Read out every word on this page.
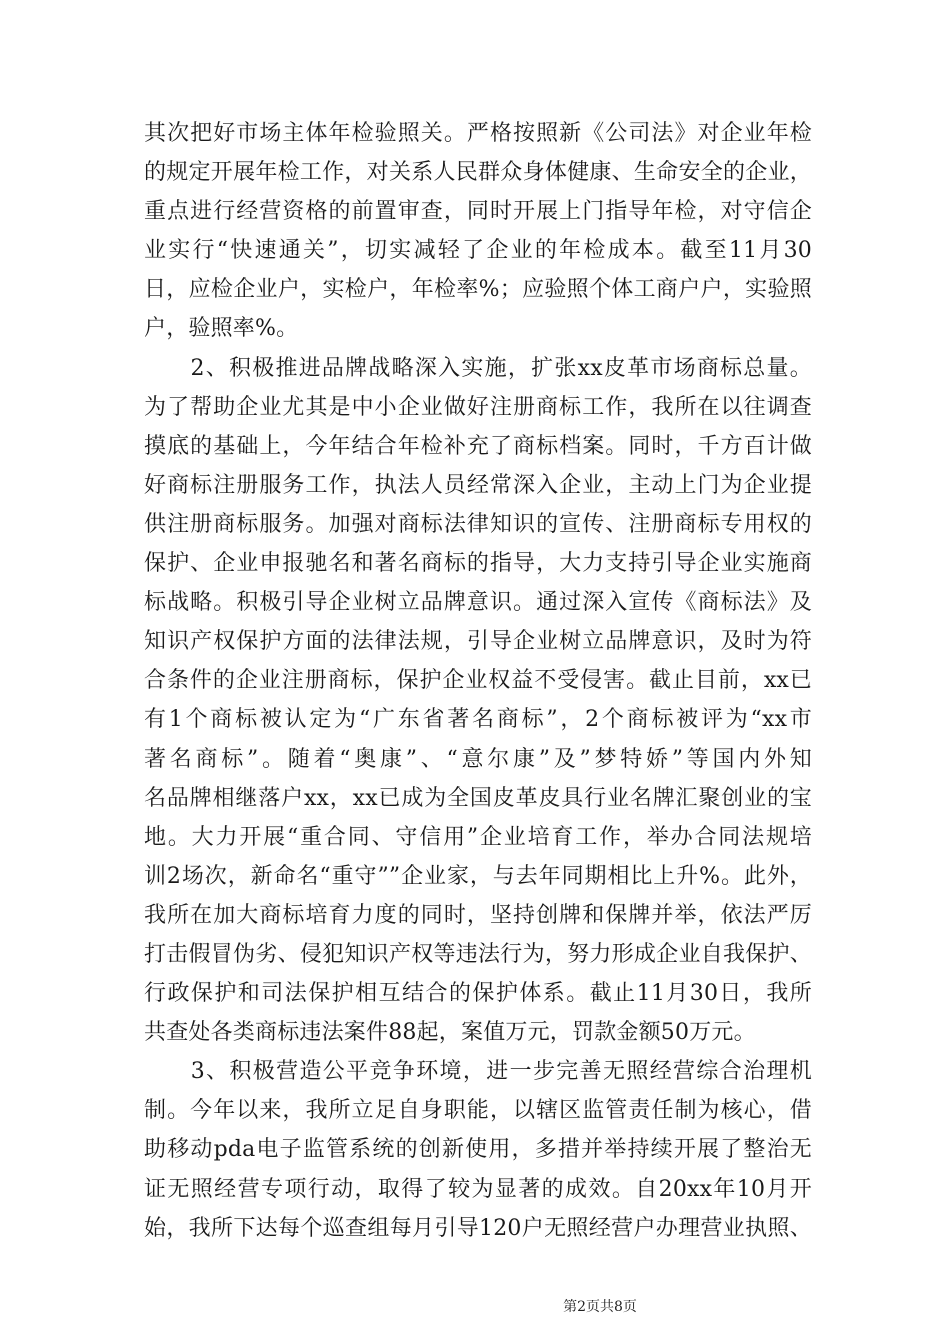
其次把好市场主体年检验照关。严格按照新《公司法》对企业年检
的规定开展年检工作，对关系人民群众身体健康、生命安全的企业，
重点进行经营资格的前置审查，同时开展上门指导年检，对守信企
业实行“快速通关”，切实减轻了企业的年检成本。截至11月30
日，应检企业户，实检户，年检率%；应验照个体工商户户，实验照
户，验照率%。
　　2、积极推进品牌战略深入实施，扩张xx皮革市场商标总量。
为了帮助企业尤其是中小企业做好注册商标工作，我所在以往调查
摸底的基础上，今年结合年检补充了商标档案。同时，千方百计做
好商标注册服务工作，执法人员经常深入企业，主动上门为企业提
供注册商标服务。加强对商标法律知识的宣传、注册商标专用权的
保护、企业申报驰名和著名商标的指导，大力支持引导企业实施商
标战略。积极引导企业树立品牌意识。通过深入宣传《商标法》及
知识产权保护方面的法律法规，引导企业树立品牌意识，及时为符
合条件的企业注册商标，保护企业权益不受侵害。截止目前，xx已
有1个商标被认定为“广东省著名商标”，2个商标被评为“xx市
著名商标”。随着“奥康”、“意尔康”及”梦特娇”等国内外知
名品牌相继落户xx，xx已成为全国皮革皮具行业名牌汇聚创业的宝
地。大力开展“重合同、守信用”企业培育工作，举办合同法规培
训2场次，新命名“重守””企业家，与去年同期相比上升%。此外，
我所在加大商标培育力度的同时，坚持创牌和保牌并举，依法严厉
打击假冒伪劣、侵犯知识产权等违法行为，努力形成企业自我保护、
行政保护和司法保护相互结合的保护体系。截止11月30日，我所
共查处各类商标违法案件88起，案值万元，罚款金额50万元。
　　3、积极营造公平竞争环境，进一步完善无照经营综合治理机
制。今年以来，我所立足自身职能，以辖区监管责任制为核心，借
助移动pda电子监管系统的创新使用，多措并举持续开展了整治无
证无照经营专项行动，取得了较为显著的成效。自20xx年10月开
始，我所下达每个巡查组每月引导120户无照经营户办理营业执照、
第2页共8页
